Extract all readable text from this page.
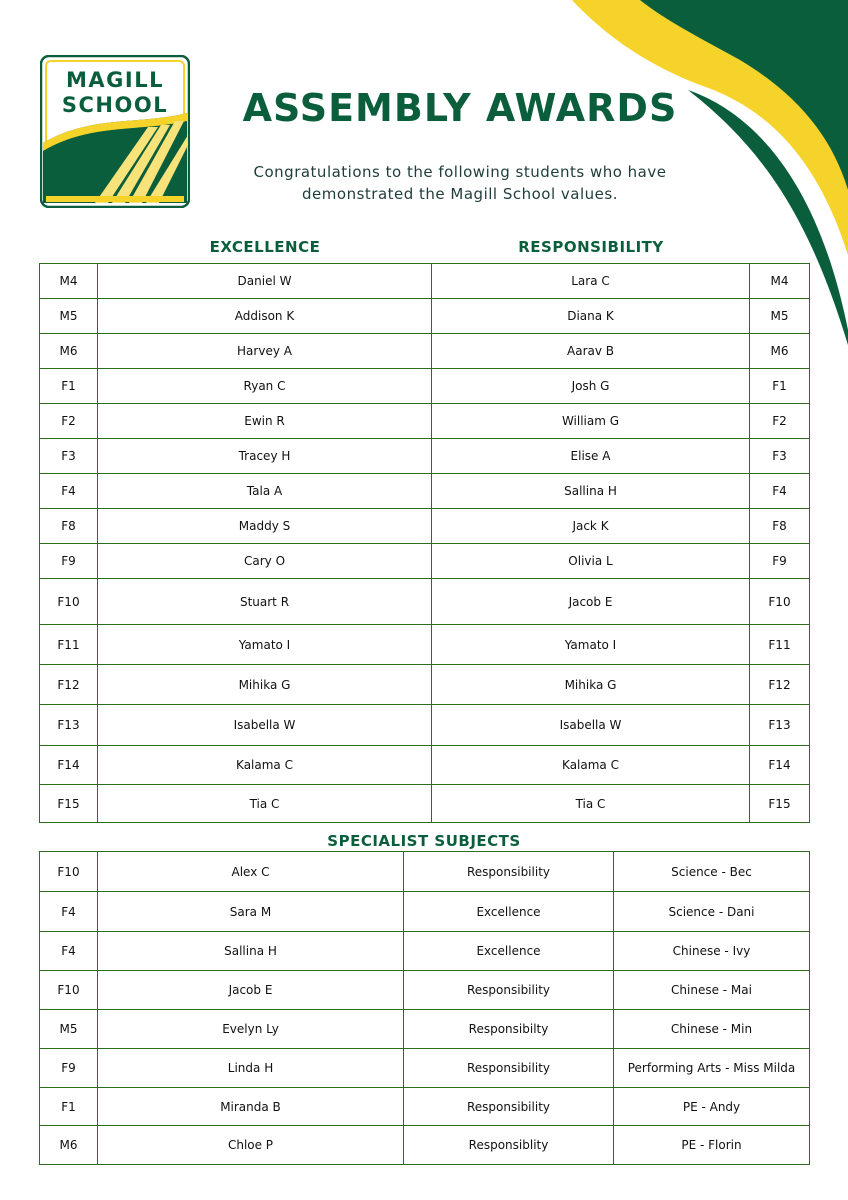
MAGILL
SCHOOL	ASSEMBLY AWARDS
Congratulations to the following students who have demonstrated the Magill School values.
EXCELLENCE	RESPONSIBILITY
M4	Daniel W	Lara C	M4
M5	Addison K	Diana K	M5
M6	Harvey A	Aarav B	M6
F1	Ryan C	Josh G	F1
F2	Ewin R	William G	F2
F3	Tracey H	Elise A	F3
F4	Tala A	Sallina H	F4
F8	Maddy S	Jack K	F8
F9	Cary O	Olivia L	F9
F10	Stuart R	Jacob E	F10
F11	Yamato I	Yamato I	F11
F12	Mihika G	Mihika G	F12
F13	Isabella W	Isabella W	F13
F14	Kalama C	Kalama C	F14
F15	Tia C	Tia C	F15
SPECIALIST SUBJECTS
F10	Alex C	Responsibility	Science - Bec
F4	Sara M	Excellence	Science - Dani
F4	Sallina H	Excellence	Chinese - Ivy
F10	Jacob E	Responsibility	Chinese - Mai
M5	Evelyn Ly	Responsibilty	Chinese - Min
F9	Linda H	Responsibility	Performing Arts - Miss Milda
F1	Miranda B	Responsibility	PE - Andy
M6	Chloe P	Responsiblity	PE - Florin
